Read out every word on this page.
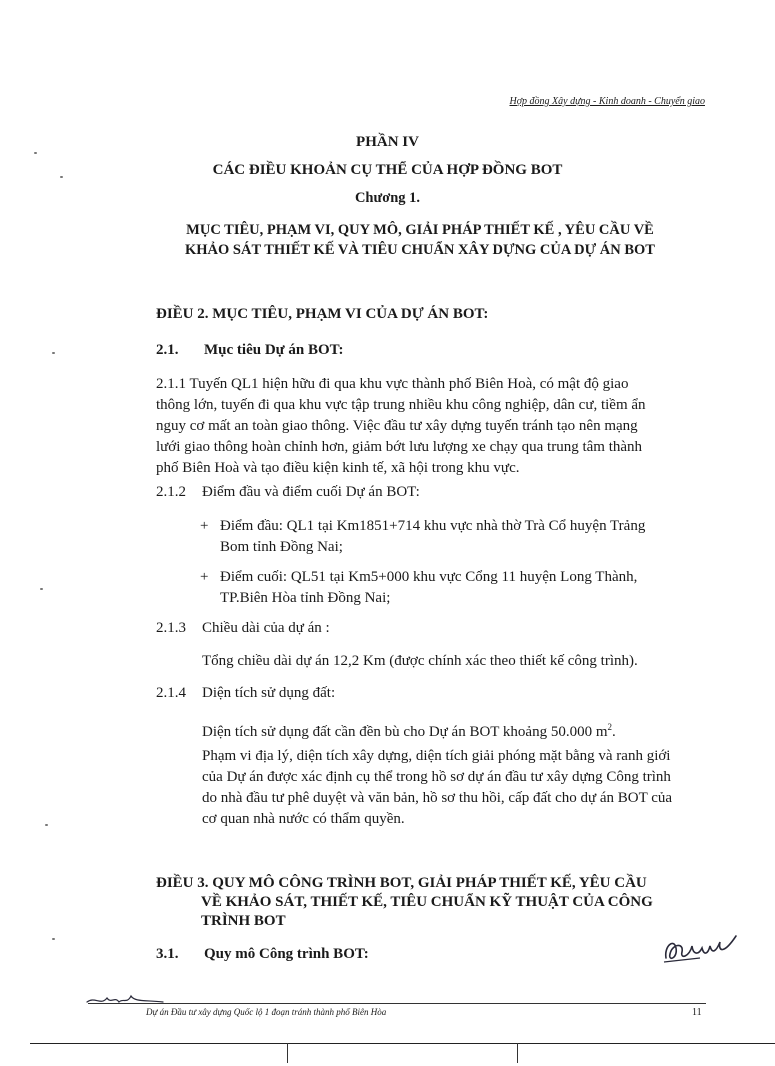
Hợp đồng Xây dựng - Kinh doanh - Chuyển giao
PHẦN IV
CÁC ĐIỀU KHOẢN CỤ THỂ CỦA HỢP ĐỒNG BOT
Chương 1.
MỤC TIÊU, PHẠM VI, QUY MÔ, GIẢI PHÁP THIẾT KẾ , YÊU CẦU VỀ
KHẢO SÁT THIẾT KẾ VÀ TIÊU CHUẨN XÂY DỰNG CỦA DỰ ÁN BOT
ĐIỀU 2. MỤC TIÊU, PHẠM VI CỦA DỰ ÁN BOT:
2.1. Mục tiêu Dự án BOT:
2.1.1 Tuyến QL1 hiện hữu đi qua khu vực thành phố Biên Hoà, có mật độ giao
thông lớn, tuyến đi qua khu vực tập trung nhiều khu công nghiệp, dân cư, tiềm ẩn
nguy cơ mất an toàn giao thông. Việc đầu tư xây dựng tuyến tránh tạo nên mạng
lưới giao thông hoàn chỉnh hơn, giảm bớt lưu lượng xe chạy qua trung tâm thành
phố Biên Hoà và tạo điều kiện kinh tế, xã hội trong khu vực.
2.1.2 Điểm đầu và điểm cuối Dự án BOT:
+ Điểm đầu: QL1 tại Km1851+714 khu vực nhà thờ Trà Cổ huyện Trảng
Bom tỉnh Đồng Nai;
+ Điểm cuối: QL51 tại Km5+000 khu vực Cổng 11 huyện Long Thành,
TP.Biên Hòa tỉnh Đồng Nai;
2.1.3 Chiều dài của dự án :
Tổng chiều dài dự án 12,2 Km (được chính xác theo thiết kế công trình).
2.1.4 Diện tích sử dụng đất:
Diện tích sử dụng đất cần đền bù cho Dự án BOT khoảng 50.000 $m^2$.
Phạm vi địa lý, diện tích xây dựng, diện tích giải phóng mặt bằng và ranh giới
của Dự án được xác định cụ thể trong hồ sơ dự án đầu tư xây dựng Công trình
do nhà đầu tư phê duyệt và văn bản, hồ sơ thu hồi, cấp đất cho dự án BOT của
cơ quan nhà nước có thẩm quyền.
ĐIỀU 3. QUY MÔ CÔNG TRÌNH BOT, GIẢI PHÁP THIẾT KẾ, YÊU CẦU
VỀ KHẢO SÁT, THIẾT KẾ, TIÊU CHUẨN KỸ THUẬT CỦA CÔNG
TRÌNH BOT
3.1. Quy mô Công trình BOT:
Dự án Đầu tư xây dựng Quốc lộ 1 đoạn tránh thành phố Biên Hòa	11
